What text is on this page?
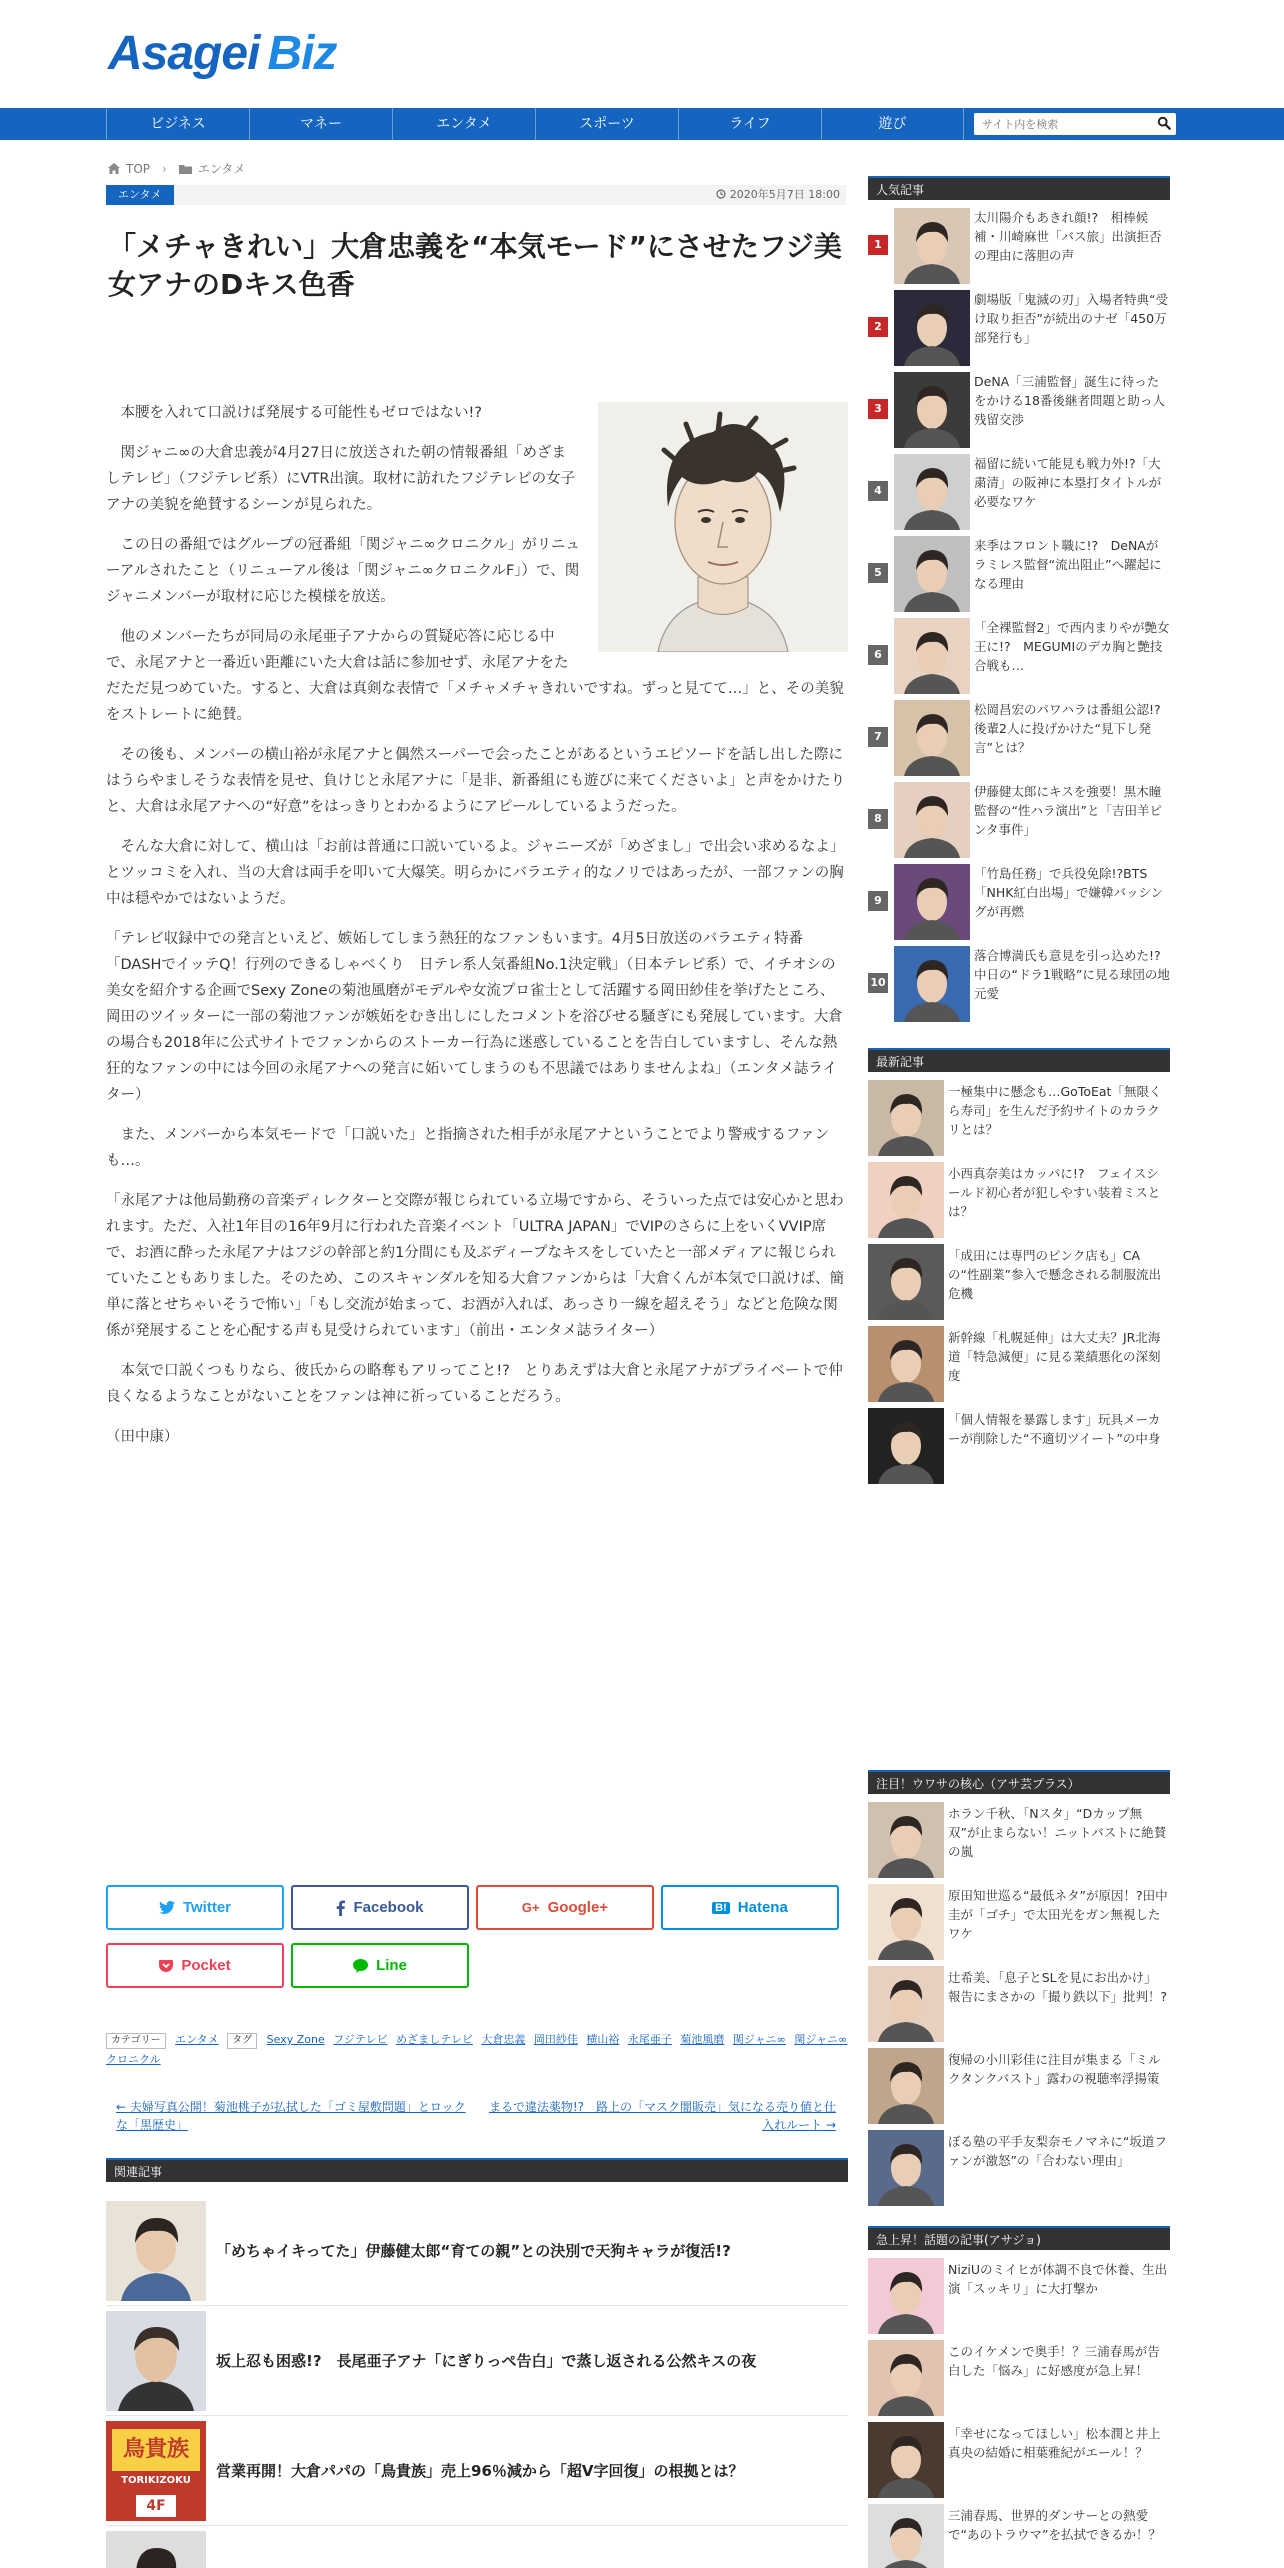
Asagei Biz
ビジネス	マネー	エンタメ	スポーツ	ライフ	遊び
サイト内を検索
TOP ›	エンタメ
エンタメ	2020年5月7日 18:00
「メチャきれい」大倉忠義を“本気モード”にさせたフジ美女アナのDキス色香

本腰を入れて口説けば発展する可能性もゼロではない!?

関ジャニ∞の大倉忠義が4月27日に放送された朝の情報番組「めざましテレビ」（フジテレビ系）にVTR出演。取材に訪れたフジテレビの女子アナの美貌を絶賛するシーンが見られた。

この日の番組ではグループの冠番組「関ジャニ∞クロニクル」がリニューアルされたこと（リニューアル後は「関ジャニ∞クロニクルF」）で、関ジャニメンバーが取材に応じた模様を放送。

他のメンバーたちが同局の永尾亜子アナからの質疑応答に応じる中で、永尾アナと一番近い距離にいた大倉は話に参加せず、永尾アナをただただ見つめていた。すると、大倉は真剣な表情で「メチャメチャきれいですね。ずっと見てて…」と、その美貌をストレートに絶賛。

その後も、メンバーの横山裕が永尾アナと偶然スーパーで会ったことがあるというエピソードを話し出した際にはうらやましそうな表情を見せ、負けじと永尾アナに「是非、新番組にも遊びに来てくださいよ」と声をかけたりと、大倉は永尾アナへの“好意”をはっきりとわかるようにアピールしているようだった。

そんな大倉に対して、横山は「お前は普通に口説いているよ。ジャニーズが「めざまし」で出会い求めるなよ」とツッコミを入れ、当の大倉は両手を叩いて大爆笑。明らかにバラエティ的なノリではあったが、一部ファンの胸中は穏やかではないようだ。

「テレビ収録中での発言といえど、嫉妬してしまう熱狂的なファンもいます。4月5日放送のバラエティ特番「DASHでイッテQ！行列のできるしゃべくり　日テレ系人気番組No.1決定戦」（日本テレビ系）で、イチオシの美女を紹介する企画でSexy Zoneの菊池風磨がモデルや女流プロ雀士として活躍する岡田紗佳を挙げたところ、岡田のツイッターに一部の菊池ファンが嫉妬をむき出しにしたコメントを浴びせる騒ぎにも発展しています。大倉の場合も2018年に公式サイトでファンからのストーカー行為に迷惑していることを告白していますし、そんな熱狂的なファンの中には今回の永尾アナへの発言に妬いてしまうのも不思議ではありませんよね」（エンタメ誌ライター）

また、メンバーから本気モードで「口説いた」と指摘された相手が永尾アナということでより警戒するファンも…。

「永尾アナは他局勤務の音楽ディレクターと交際が報じられている立場ですから、そういった点では安心かと思われます。ただ、入社1年目の16年9月に行われた音楽イベント「ULTRA JAPAN」でVIPのさらに上をいくVVIP席で、お酒に酔った永尾アナはフジの幹部と約1分間にも及ぶディープなキスをしていたと一部メディアに報じられていたこともありました。そのため、このスキャンダルを知る大倉ファンからは「大倉くんが本気で口説けば、簡単に落とせちゃいそうで怖い」「もし交流が始まって、お酒が入れば、あっさり一線を超えそう」などと危険な関係が発展することを心配する声も見受けられています」（前出・エンタメ誌ライター）

本気で口説くつもりなら、彼氏からの略奪もアリってこと!?　とりあえずは大倉と永尾アナがプライベートで仲良くなるようなことがないことをファンは神に祈っていることだろう。

（田中康）

Twitter	Facebook	G+ Google+	B! Hatena
Pocket	Line
カテゴリー エンタメ タグ Sexy Zone フジテレビ めざましテレビ 大倉忠義 岡田紗佳 横山裕 永尾亜子 菊池風磨 関ジャニ∞ 関ジャニ∞クロニクル
← 夫婦写真公開！菊池桃子が払拭した「ゴミ屋敷問題」とロックな「黒歴史」
まるで違法薬物!?　路上の「マスク闇販売」気になる売り値と仕入れルート →
関連記事
「めちゃイキってた」伊藤健太郎“育ての親”との決別で天狗キャラが復活!?
坂上忍も困惑!?　長尾亜子アナ「にぎりっぺ告白」で蒸し返される公然キスの夜
鳥貴族
TORIKIZOKU
4F
営業再開！大倉パパの「鳥貴族」売上96％減から「超V字回復」の根拠とは？
人気記事
1
太川陽介もあきれ顔!?　相棒候補・川崎麻世「バス旅」出演拒否の理由に落胆の声
2
劇場版「鬼滅の刃」入場者特典“受け取り拒否”が続出のナゼ「450万部発行も」
3
DeNA「三浦監督」誕生に待ったをかける18番後継者問題と助っ人残留交渉
4
福留に続いて能見も戦力外!?「大粛清」の阪神に本塁打タイトルが必要なワケ
5
来季はフロント職に!?　DeNAがラミレス監督“流出阻止”へ躍起になる理由
6
「全裸監督2」で西内まりやが艶女王に!?　MEGUMIのデカ胸と艶技合戦も…
7
松岡昌宏のパワハラは番組公認!?　後輩2人に投げかけた“見下し発言”とは？
8
伊藤健太郎にキスを強要！黒木瞳監督の“性ハラ演出”と「吉田羊ピンタ事件」
9
「竹島任務」で兵役免除!?BTS「NHK紅白出場」で嫌韓バッシングが再燃
10
落合博満氏も意見を引っ込めた!?　中日の“ドラ1戦略”に見る球団の地元愛
最新記事
一極集中に懸念も…GoToEat「無限くら寿司」を生んだ予約サイトのカラクリとは？
小西真奈美はカッパに!?　フェイスシールド初心者が犯しやすい装着ミスとは？
「成田には専門のピンク店も」CAの“性副業”参入で懸念される制服流出危機
新幹線「札幌延伸」は大丈夫？JR北海道「特急減便」に見る業績悪化の深刻度
「個人情報を暴露します」玩具メーカーが削除した“不適切ツイート”の中身
注目！ウワサの核心（アサ芸プラス）
ホラン千秋、「Nスタ」“Dカップ無双”が止まらない！ニットバストに絶賛の嵐
原田知世巡る“最低ネタ”が原因！?田中圭が「ゴチ」で太田光をガン無視したワケ
辻希美、「息子とSLを見にお出かけ」報告にまさかの「撮り鉄以下」批判！?
復帰の小川彩佳に注目が集まる「ミルクタンクバスト」露わの視聴率浮揚策
ぼる塾の平手友梨奈モノマネに“坂道ファンが激怒”の「合わない理由」
急上昇！話題の記事(アサジョ)
NiziUのミイヒが体調不良で休養、生出演「スッキリ」に大打撃か
このイケメンで奥手！？三浦春馬が告白した「悩み」に好感度が急上昇！
「幸せになってほしい」松本潤と井上真央の結婚に相葉雅紀がエール！？
三浦春馬、世界的ダンサーとの熱愛で“あのトラウマ”を払拭できるか！？
